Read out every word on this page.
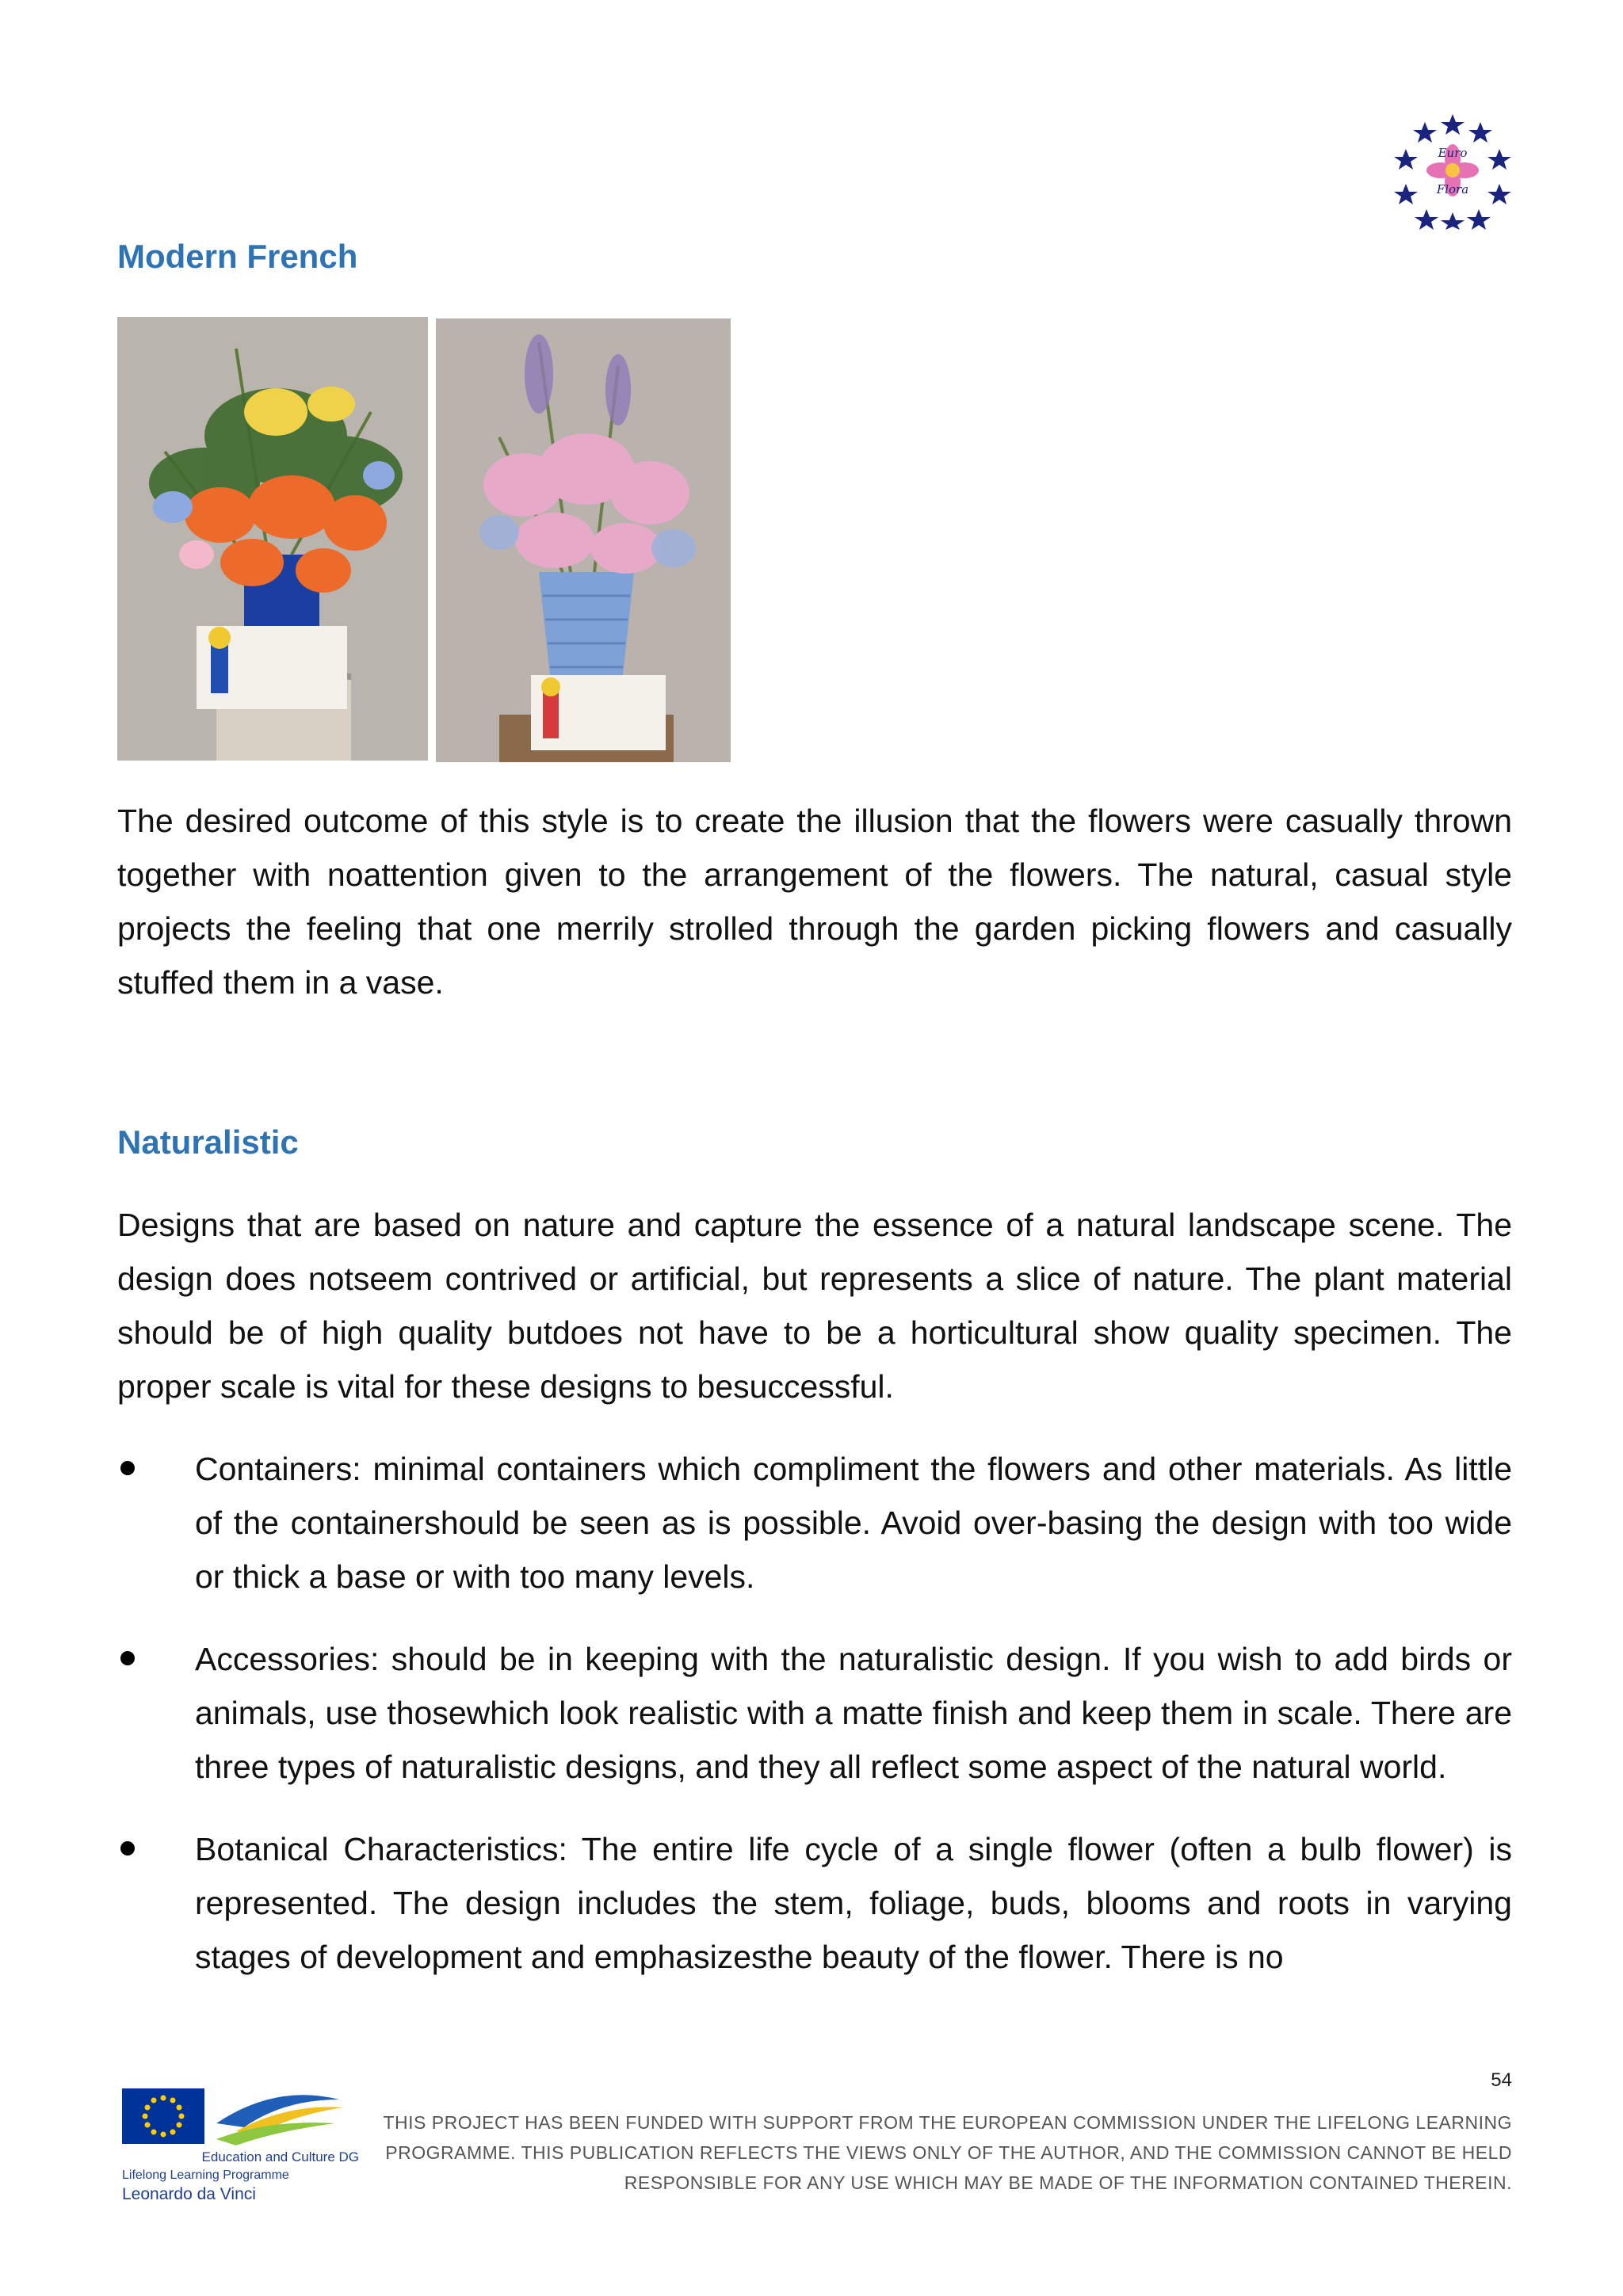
Euro
Flora
Modern French

The desired outcome of this style is to create the illusion that the flowers were casually thrown together with noattention given to the arrangement of the flowers. The natural, casual style projects the feeling that one merrily strolled through the garden picking flowers and casually stuffed them in a vase.

Naturalistic

Designs that are based on nature and capture the essence of a natural landscape scene. The design does notseem contrived or artificial, but represents a slice of nature. The plant material should be of high quality butdoes not have to be a horticultural show quality specimen. The proper scale is vital for these designs to besuccessful.

Containers: minimal containers which compliment the flowers and other materials. As little of the containershould be seen as is possible. Avoid over-basing the design with too wide or thick a base or with too many levels.
Accessories: should be in keeping with the naturalistic design. If you wish to add birds or animals, use thosewhich look realistic with a matte finish and keep them in scale. There are three types of naturalistic designs, and they all reflect some aspect of the natural world.
Botanical Characteristics: The entire life cycle of a single flower (often a bulb flower) is represented. The design includes the stem, foliage, buds, blooms and roots in varying stages of development and emphasizesthe beauty of the flower. There is no
54
Education and Culture DG
Lifelong Learning Programme
Leonardo da Vinci
THIS PROJECT HAS BEEN FUNDED WITH SUPPORT FROM THE EUROPEAN COMMISSION UNDER THE LIFELONG LEARNING
PROGRAMME. THIS PUBLICATION REFLECTS THE VIEWS ONLY OF THE AUTHOR, AND THE COMMISSION CANNOT BE HELD
RESPONSIBLE FOR ANY USE WHICH MAY BE MADE OF THE INFORMATION CONTAINED THEREIN.
